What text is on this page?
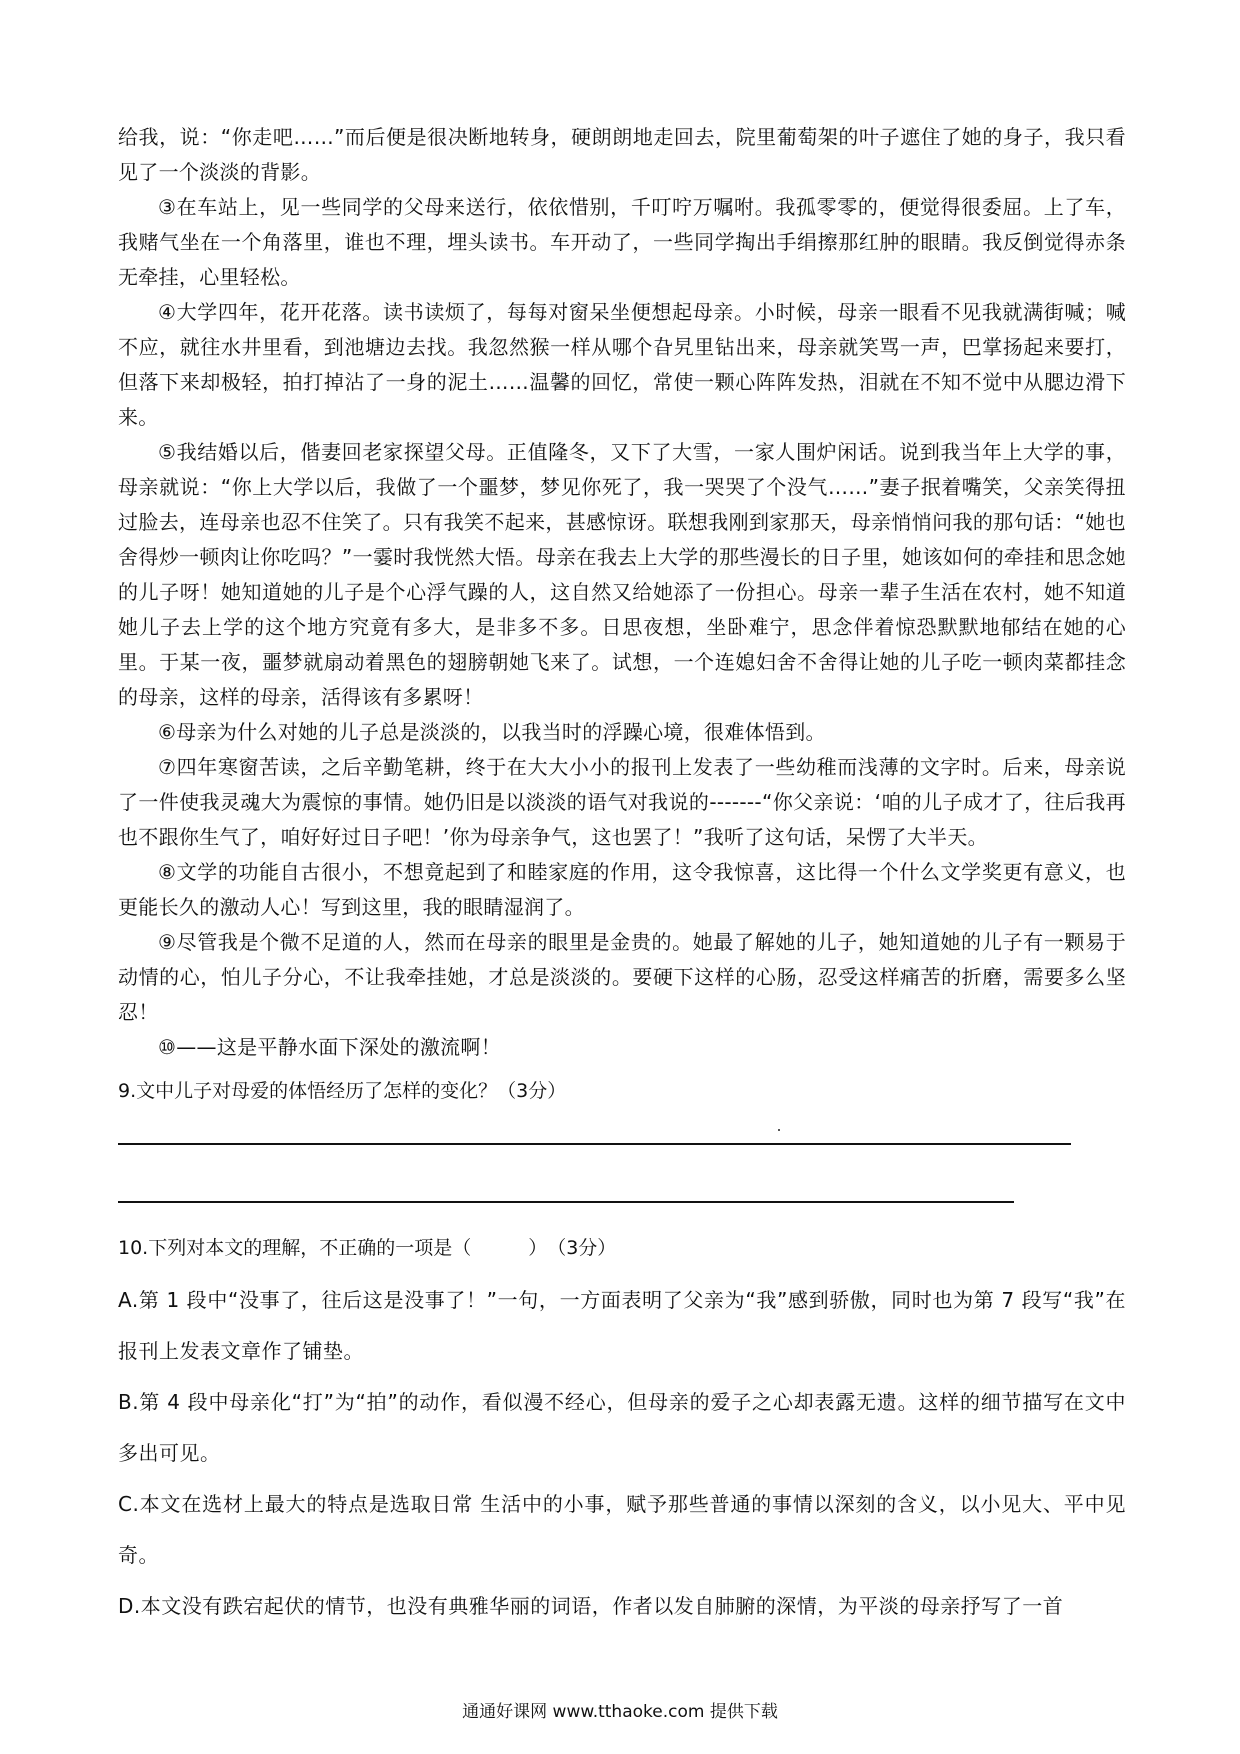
给我，说：“你走吧……”而后便是很决断地转身，硬朗朗地走回去，院里葡萄架的叶子遮住了她的身子，我只看见了一个淡淡的背影。

③在车站上，见一些同学的父母来送行，依依惜别，千叮咛万嘱咐。我孤零零的，便觉得很委屈。上了车，我赌气坐在一个角落里，谁也不理，埋头读书。车开动了，一些同学掏出手绢擦那红肿的眼睛。我反倒觉得赤条无牵挂，心里轻松。

④大学四年，花开花落。读书读烦了，每每对窗呆坐便想起母亲。小时候，母亲一眼看不见我就满街喊；喊不应，就往水井里看，到池塘边去找。我忽然猴一样从哪个旮旯里钻出来，母亲就笑骂一声，巴掌扬起来要打，但落下来却极轻，拍打掉沾了一身的泥土……温馨的回忆，常使一颗心阵阵发热，泪就在不知不觉中从腮边滑下来。

⑤我结婚以后，偕妻回老家探望父母。正值隆冬，又下了大雪，一家人围炉闲话。说到我当年上大学的事，母亲就说：“你上大学以后，我做了一个噩梦，梦见你死了，我一哭哭了个没气……”妻子抿着嘴笑，父亲笑得扭过脸去，连母亲也忍不住笑了。只有我笑不起来，甚感惊讶。联想我刚到家那天，母亲悄悄问我的那句话：“她也舍得炒一顿肉让你吃吗？”一霎时我恍然大悟。母亲在我去上大学的那些漫长的日子里，她该如何的牵挂和思念她的儿子呀！她知道她的儿子是个心浮气躁的人，这自然又给她添了一份担心。母亲一辈子生活在农村，她不知道她儿子去上学的这个地方究竟有多大，是非多不多。日思夜想，坐卧难宁，思念伴着惊恐默默地郁结在她的心里。于某一夜，噩梦就扇动着黑色的翅膀朝她飞来了。试想，一个连媳妇舍不舍得让她的儿子吃一顿肉菜都挂念的母亲，这样的母亲，活得该有多累呀！

⑥母亲为什么对她的儿子总是淡淡的，以我当时的浮躁心境，很难体悟到。

⑦四年寒窗苦读，之后辛勤笔耕，终于在大大小小的报刊上发表了一些幼稚而浅薄的文字时。后来，母亲说了一件使我灵魂大为震惊的事情。她仍旧是以淡淡的语气对我说的-------“你父亲说：‘咱的儿子成才了，往后我再也不跟你生气了，咱好好过日子吧！’你为母亲争气，这也罢了！”我听了这句话，呆愣了大半天。

⑧文学的功能自古很小，不想竟起到了和睦家庭的作用，这令我惊喜，这比得一个什么文学奖更有意义，也更能长久的激动人心！写到这里，我的眼睛湿润了。

⑨尽管我是个微不足道的人，然而在母亲的眼里是金贵的。她最了解她的儿子，她知道她的儿子有一颗易于动情的心，怕儿子分心，不让我牵挂她，才总是淡淡的。要硬下这样的心肠，忍受这样痛苦的折磨，需要多么坚忍！

⑩——这是平静水面下深处的激流啊！

9.文中儿子对母爱的体悟经历了怎样的变化？（3分）

10.下列对本文的理解，不正确的一项是（　　　）　（3分）

A.第 1 段中“没事了，往后这是没事了！”一句，一方面表明了父亲为“我”感到骄傲，同时也为第 7 段写“我”在报刊上发表文章作了铺垫。

B.第 4 段中母亲化“打”为“拍”的动作，看似漫不经心，但母亲的爱子之心却表露无遗。这样的细节描写在文中多出可见。

C.本文在选材上最大的特点是选取日常 生活中的小事，赋予那些普通的事情以深刻的含义，以小见大、平中见奇。

D.本文没有跌宕起伏的情节，也没有典雅华丽的词语，作者以发自肺腑的深情，为平淡的母亲抒写了一首

通通好课网 www.tthaoke.com 提供下载
